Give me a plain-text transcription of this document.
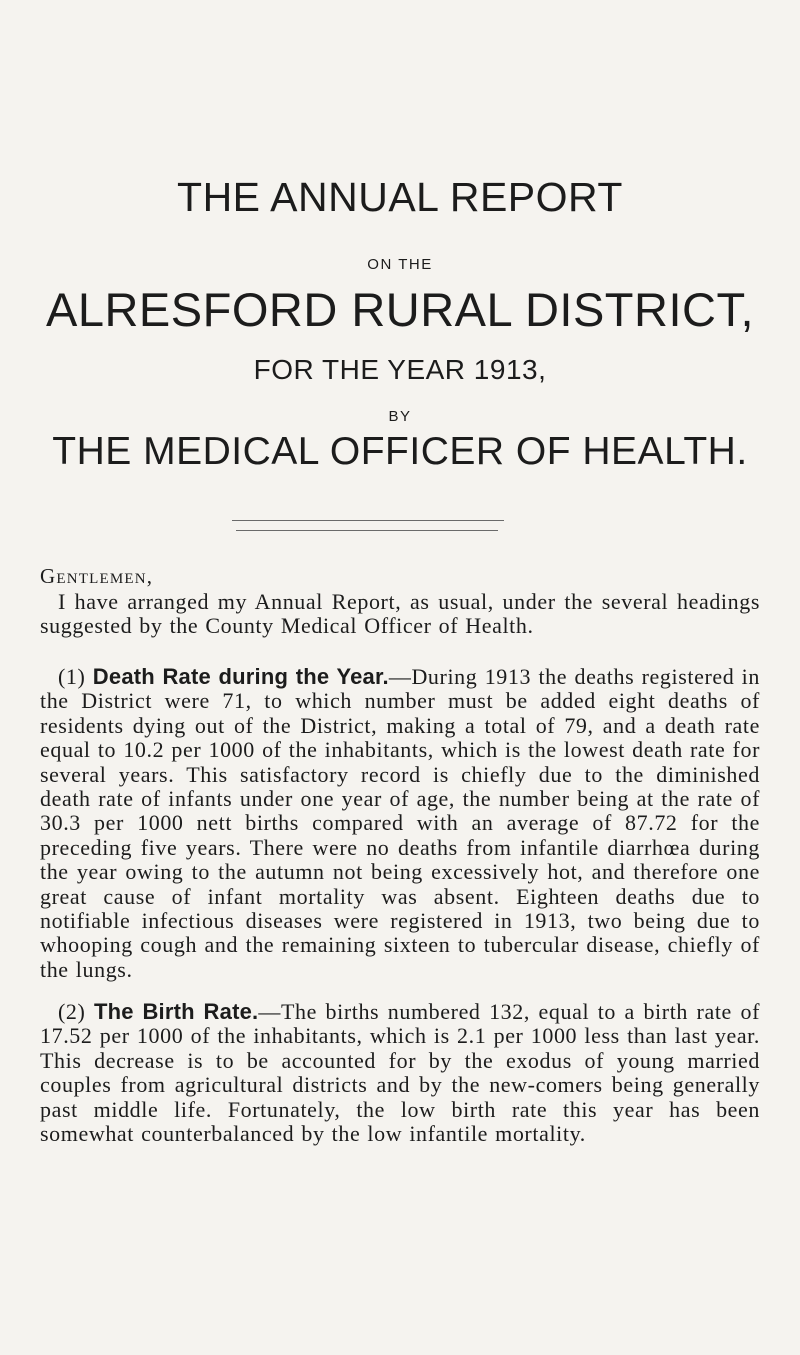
THE ANNUAL REPORT
ON THE
ALRESFORD RURAL DISTRICT,
FOR THE YEAR 1913,
BY
THE MEDICAL OFFICER OF HEALTH.
Gentlemen,

I have arranged my Annual Report, as usual, under the several headings suggested by the County Medical Officer of Health.

(1) Death Rate during the Year.—During 1913 the deaths registered in the District were 71, to which number must be added eight deaths of residents dying out of the District, making a total of 79, and a death rate equal to 10.2 per 1000 of the inhabitants, which is the lowest death rate for several years. This satisfactory record is chiefly due to the diminished death rate of infants under one year of age, the number being at the rate of 30.3 per 1000 nett births compared with an average of 87.72 for the preceding five years. There were no deaths from infantile diarrhœa during the year owing to the autumn not being excessively hot, and therefore one great cause of infant mortality was absent. Eighteen deaths due to notifiable infectious diseases were registered in 1913, two being due to whooping cough and the remaining sixteen to tubercular disease, chiefly of the lungs.

(2) The Birth Rate.—The births numbered 132, equal to a birth rate of 17.52 per 1000 of the inhabitants, which is 2.1 per 1000 less than last year. This decrease is to be accounted for by the exodus of young married couples from agricultural districts and by the new-comers being generally past middle life. Fortunately, the low birth rate this year has been somewhat counterbalanced by the low infantile mortality.
